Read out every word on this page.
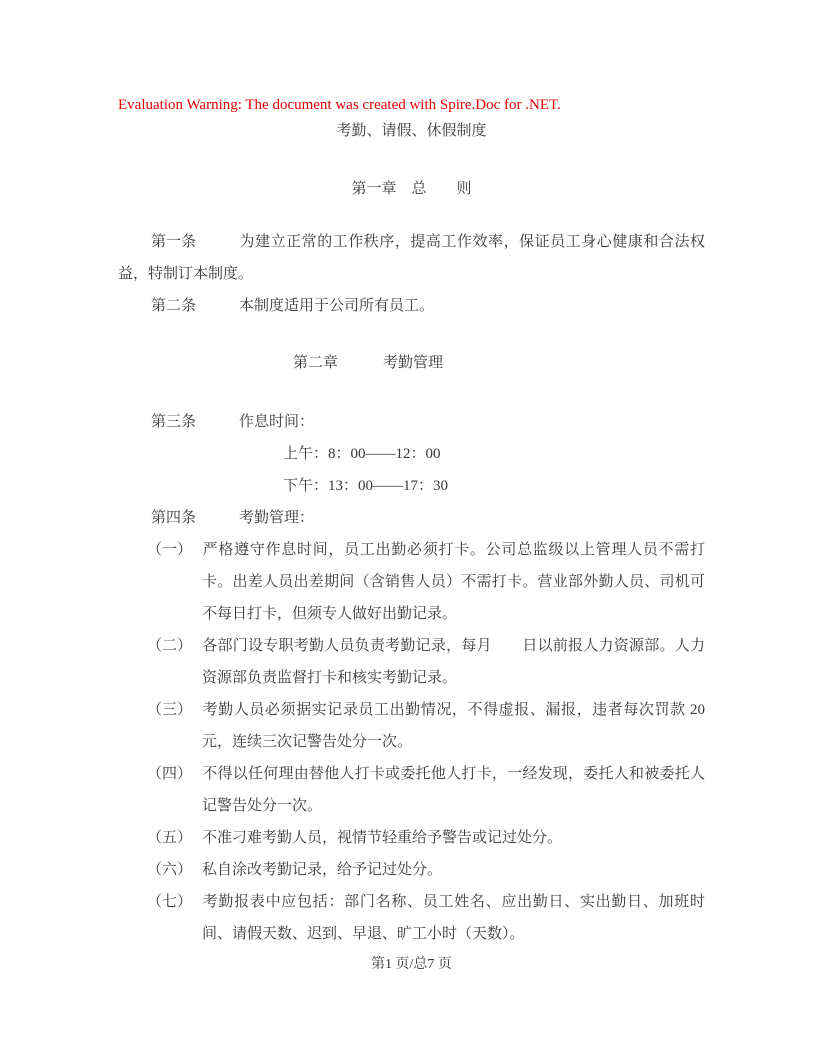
Evaluation Warning: The document was created with Spire.Doc for .NET.

考勤、请假、休假制度

第一章　总　　则

第一条	为建立正常的工作秩序，提高工作效率，保证员工身心健康和合法权益，特制订本制度。

第二条	本制度适用于公司所有员工。

第二章　　　考勤管理

第三条	作息时间：

上午：8：00——12：00

下午：13：00——17：30

第四条	考勤管理：

（一） 严格遵守作息时间，员工出勤必须打卡。公司总监级以上管理人员不需打卡。出差人员出差期间（含销售人员）不需打卡。营业部外勤人员、司机可不每日打卡，但须专人做好出勤记录。

（二） 各部门设专职考勤人员负责考勤记录，每月　　日以前报人力资源部。人力资源部负责监督打卡和核实考勤记录。

（三） 考勤人员必须据实记录员工出勤情况，不得虚报、漏报，违者每次罚款 20 元，连续三次记警告处分一次。

（四） 不得以任何理由替他人打卡或委托他人打卡，一经发现，委托人和被委托人记警告处分一次。

（五） 不准刁难考勤人员，视情节轻重给予警告或记过处分。

（六） 私自涂改考勤记录，给予记过处分。

（七） 考勤报表中应包括：部门名称、员工姓名、应出勤日、实出勤日、加班时间、请假天数、迟到、早退、旷工小时（天数）。

第1 页/总7 页
